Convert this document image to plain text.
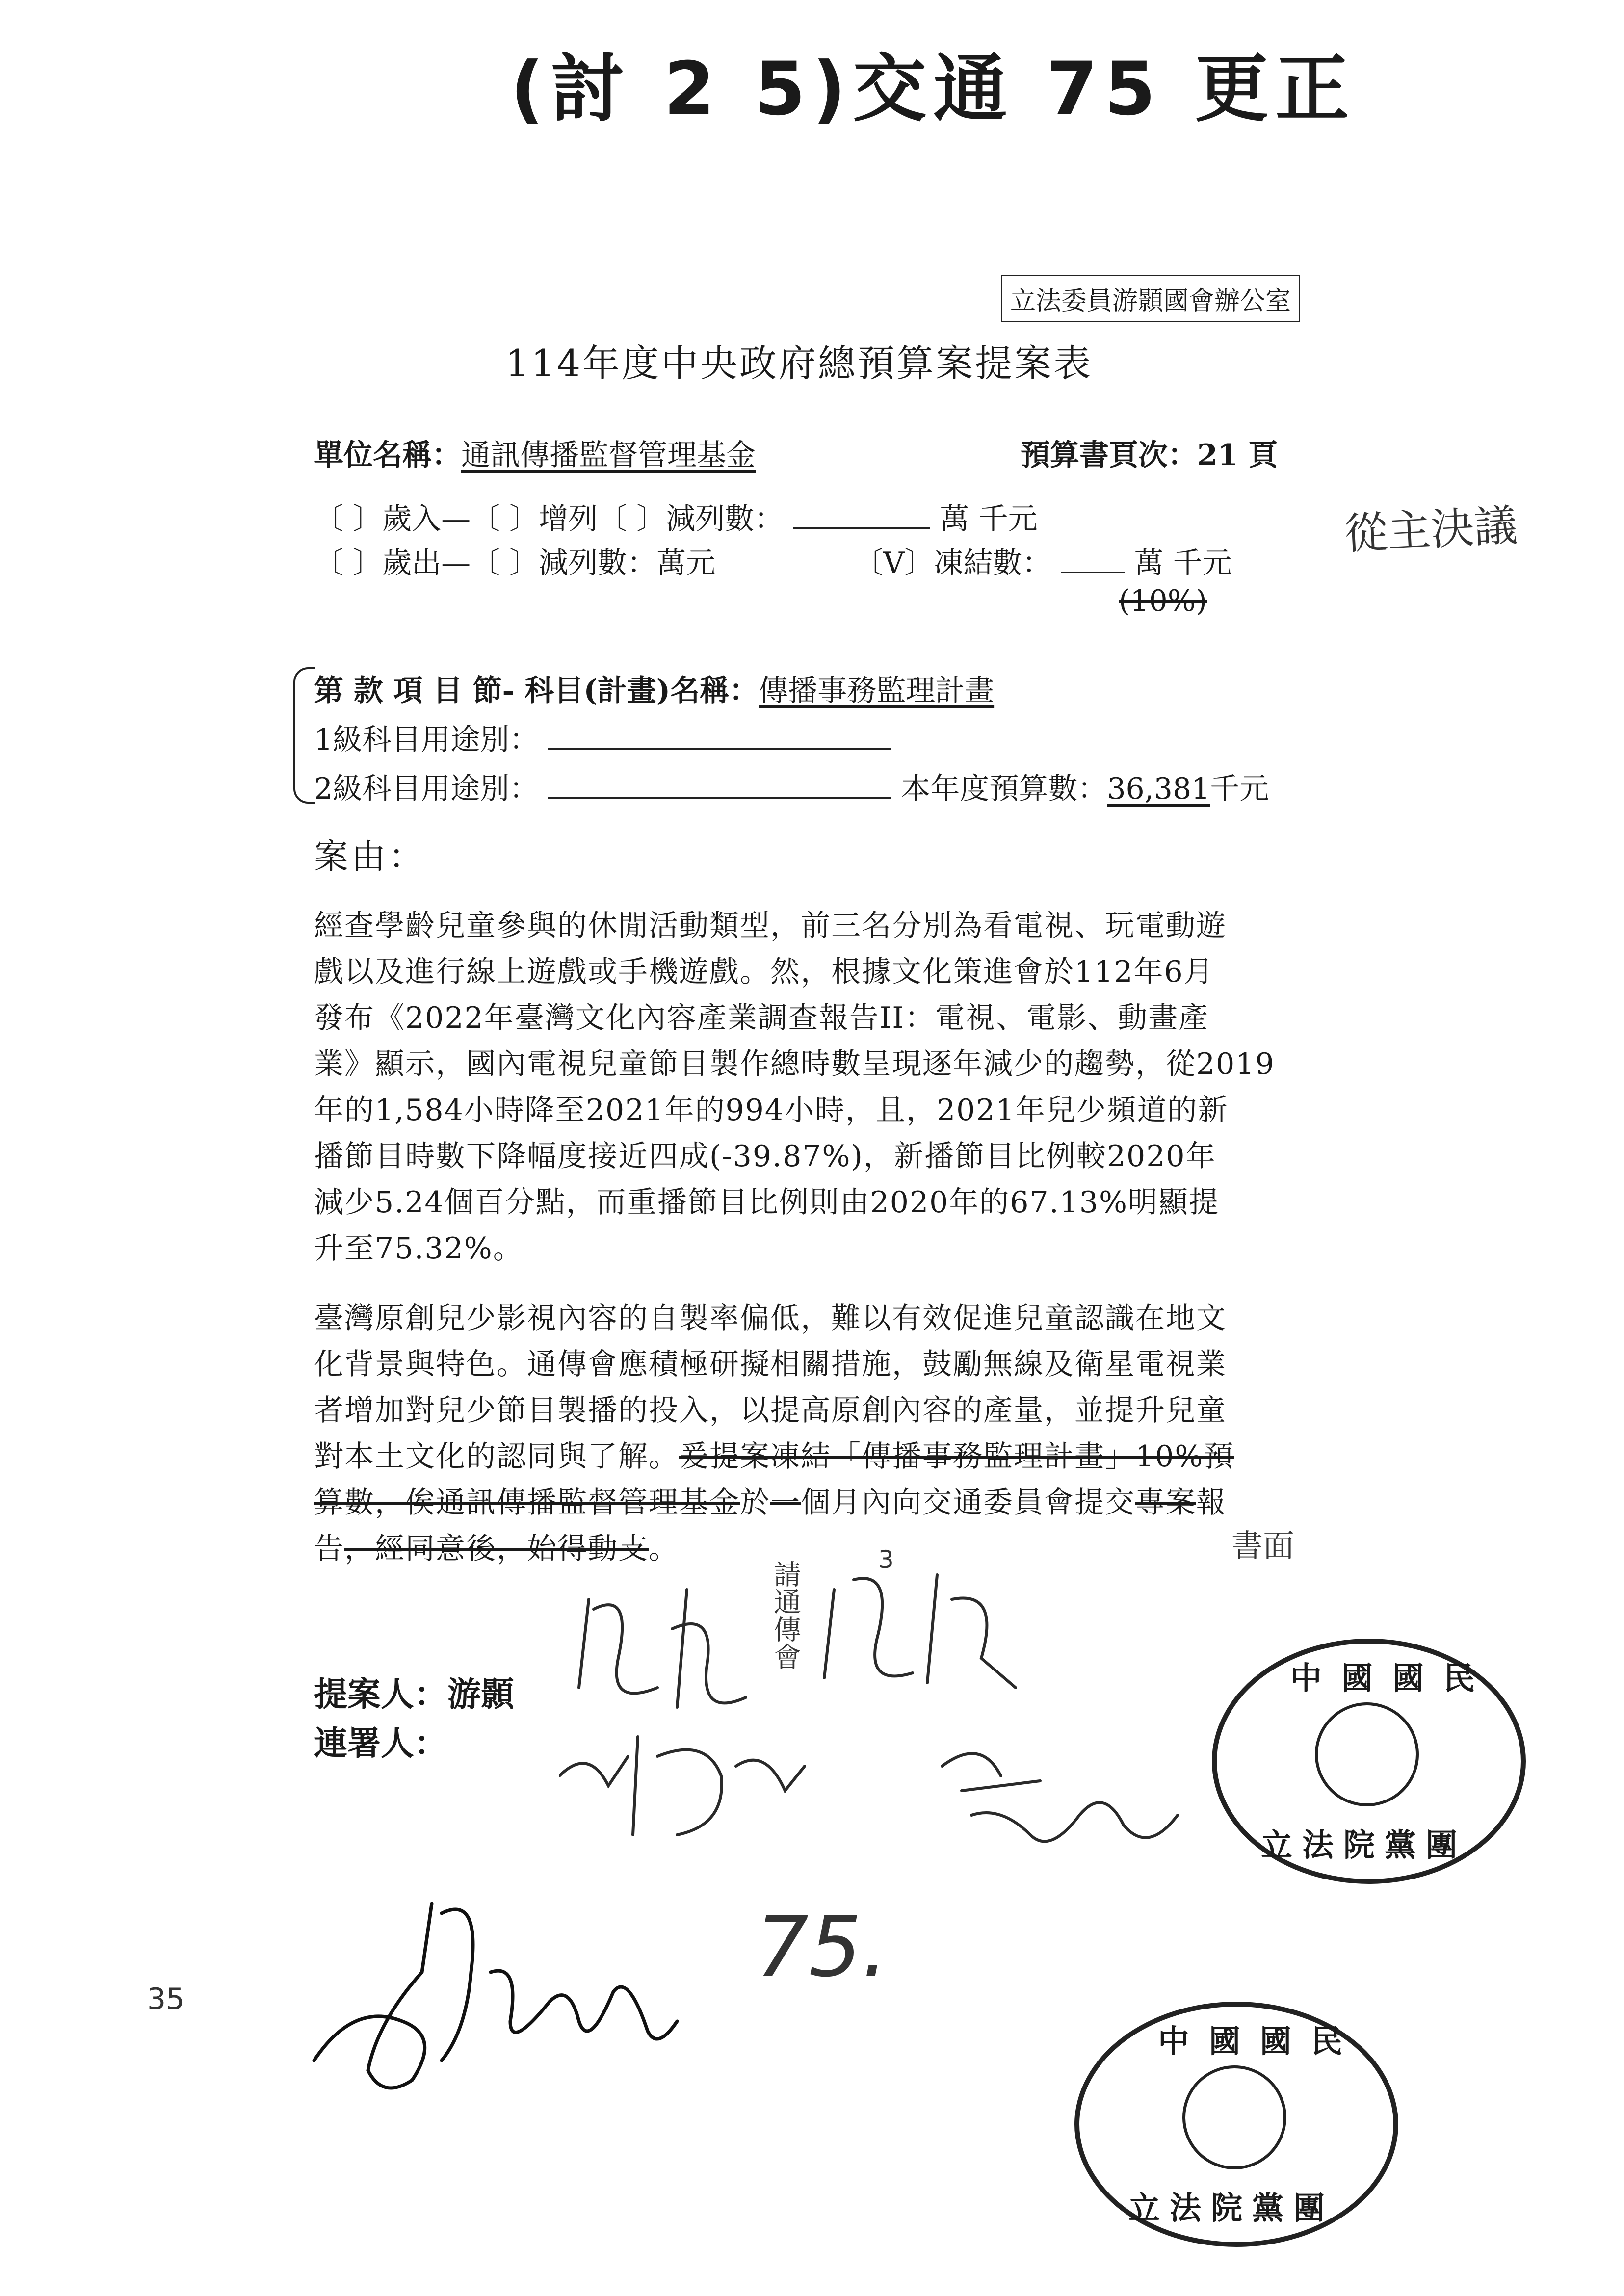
(討 2 5)交通 75 更正
立法委員游顥國會辦公室
114年度中央政府總預算案提案表
單位名稱：通訊傳播監督管理基金	預算書頁次：21 頁
從主決議
〔 〕歲入—〔 〕增列〔 〕減列數：	萬 千元
〔 〕歲出—〔 〕減列數：萬元	〔V〕凍結數：	萬 千元
(10%)
第 款 項 目 節- 科目(計畫)名稱：傳播事務監理計畫
1級科目用途別：
2級科目用途別：	本年度預算數：36,381千元
案由：
經查學齡兒童參與的休閒活動類型，前三名分別為看電視、玩電動遊
戲以及進行線上遊戲或手機遊戲。然，根據文化策進會於112年6月
發布《2022年臺灣文化內容產業調查報告II：電視、電影、動畫產
業》顯示，國內電視兒童節目製作總時數呈現逐年減少的趨勢，從2019
年的1,584小時降至2021年的994小時，且，2021年兒少頻道的新
播節目時數下降幅度接近四成(-39.87%)，新播節目比例較2020年
減少5.24個百分點，而重播節目比例則由2020年的67.13%明顯提
升至75.32%。
臺灣原創兒少影視內容的自製率偏低，難以有效促進兒童認識在地文
化背景與特色。通傳會應積極研擬相關措施，鼓勵無線及衛星電視業
者增加對兒少節目製播的投入，以提高原創內容的產量，並提升兒童
對本土文化的認同與了解。爰提案凍結「傳播事務監理計畫」10%預
算數，俟通訊傳播監督管理基金於一個月內向交通委員會提交專案報
告，經同意後，始得動支。
請通傳會
3	書面
提案人：游顥
連署人：
75.
35
中國國民
立法院黨團
中國國民
立法院黨團
